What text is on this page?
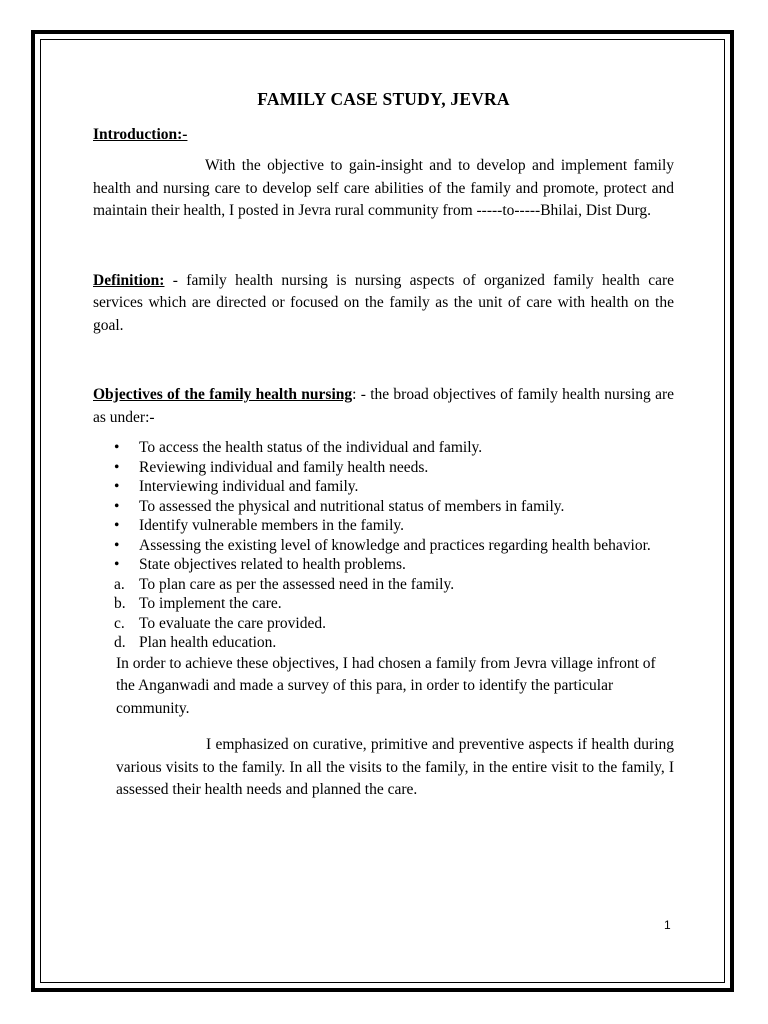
FAMILY CASE STUDY, JEVRA
Introduction:-

With the objective to gain-insight and to develop and implement family health and nursing care to develop self care abilities of the family and promote, protect and maintain their health, I posted in Jevra rural community from -----to-----Bhilai, Dist Durg.

Definition: - family health nursing is nursing aspects of organized family health care services which are directed or focused on the family as the unit of care with health on the goal.

Objectives of the family health nursing: - the broad objectives of family health nursing are as under:-

• To access the health status of the individual and family.
• Reviewing individual and family health needs.
• Interviewing individual and family.
• To assessed the physical and nutritional status of members in family.
• Identify vulnerable members in the family.
• Assessing the existing level of knowledge and practices regarding health behavior.
• State objectives related to health problems.
a. To plan care as per the assessed need in the family.
b. To implement the care.
c. To evaluate the care provided.
d. Plan health education.

In order to achieve these objectives, I had chosen a family from Jevra village infront of the Anganwadi and made a survey of this para, in order to identify the particular community.

I emphasized on curative, primitive and preventive aspects if health during various visits to the family. In all the visits to the family, in the entire visit to the family, I assessed their health needs and planned the care.

1
